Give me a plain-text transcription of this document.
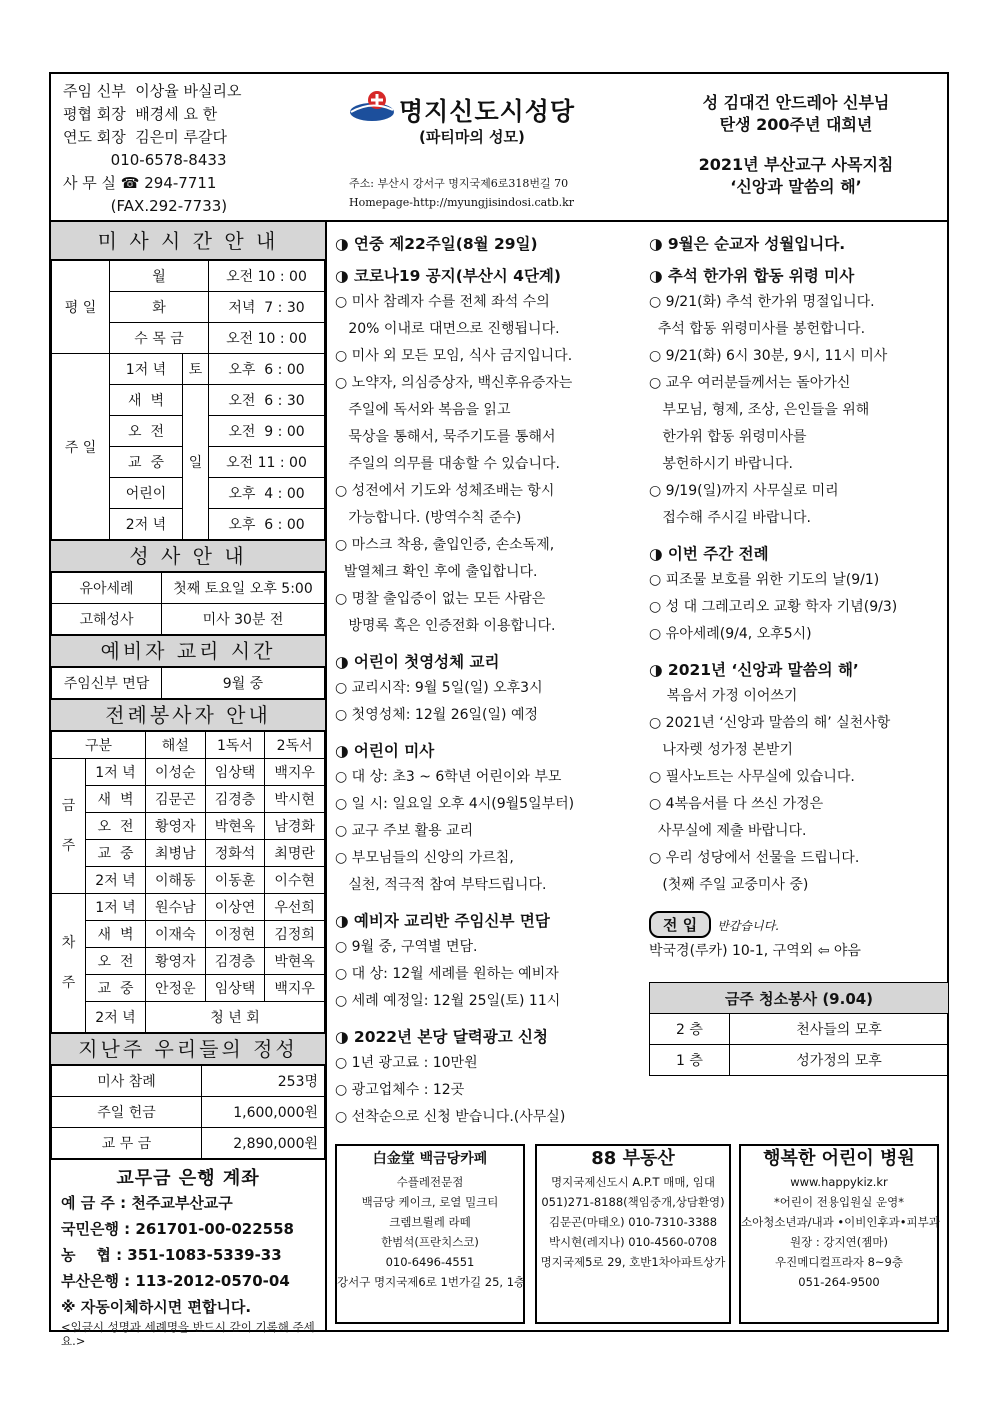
주임 신부  이상율 바실리오
평협 회장  배경세 요 한
연도 회장  김은미 루갈다
010-6578-8433
사 무 실 ☎ 294-7711
(FAX.292-7733)
명지신도시성당
(파티마의 성모)
주소: 부산시 강서구 명지국제6로318번길 70
Homepage-http://myungjisindosi.catb.kr
성 김대건 안드레아 신부님
탄생 200주년 대희년
2021년 부산교구 사목지침
‘신앙과 말씀의 해’
미 사 시 간 안 내
평 일	월		오전 10 : 00
	화		저녁  7 : 30
	수 목 금		오전 10 : 00
주 일	1저 녁	토	오후  6 : 00
	새  벽	일	오전  6 : 30
	오  전		오전  9 : 00
	교  중		오전 11 : 00
	어린이		오후  4 : 00
	2저 녁		오후  6 : 00
성 사 안 내
유아세례	첫째 토요일 오후 5:00
고해성사	미사 30분 전
예비자 교리 시간
주임신부 면담	9월 중
전례봉사자 안내
구분		해설	1독서	2독서
금

주	1저 녁	이성순	임상택	백지우
	새  벽	김문곤	김경층	박시현
	오  전	황영자	박현옥	남경화
	교  중	최병남	정화석	최명란
	2저 녁	이해동	이동훈	이수현
차

주	1저 녁	원수남	이상연	우선희
	새  벽	이재숙	이정현	김정희
	오  전	황영자	김경층	박현옥
	교  중	안정운	임상택	백지우
	2저 녁	청 년 회		
지난주 우리들의 정성
미사 참례	253명
주일 헌금	1,600,000원
교 무 금	2,890,000원
교무금 은행 계좌
예 금 주 : 천주교부산교구
국민은행 : 261701-00-022558
농    협 : 351-1083-5339-33
부산은행 : 113-2012-0570-04
※ 자동이체하시면 편합니다.
<입금시 성명과 세례명을 반드시 같이 기록해 주세요.>
◑ 연중 제22주일(8월 29일)
◑ 코로나19 공지(부산시 4단계)
○ 미사 참례자 수를 전체 좌석 수의
20% 이내로 대면으로 진행됩니다.
○ 미사 외 모든 모임, 식사 금지입니다.
○ 노약자, 의심증상자, 백신후유증자는
주일에 독서와 복음을 읽고
묵상을 통해서, 묵주기도를 통해서
주일의 의무를 대송할 수 있습니다.
○ 성전에서 기도와 성체조배는 항시
가능합니다. (방역수칙 준수)
○ 마스크 착용, 출입인증, 손소독제,
발열체크 확인 후에 출입합니다.
○ 명찰 출입증이 없는 모든 사람은
방명록 혹은 인증전화 이용합니다.
◑ 어린이 첫영성체 교리
○ 교리시작: 9월 5일(일) 오후3시
○ 첫영성체: 12월 26일(일) 예정
◑ 어린이 미사
○ 대 상: 초3 ~ 6학년 어린이와 부모
○ 일 시: 일요일 오후 4시(9월5일부터)
○ 교구 주보 활용 교리
○ 부모님들의 신앙의 가르침,
실천, 적극적 참여 부탁드립니다.
◑ 예비자 교리반 주임신부 면담
○ 9월 중, 구역별 면담.
○ 대 상: 12월 세례를 원하는 예비자
○ 세례 예정일: 12월 25일(토) 11시
◑ 2022년 본당 달력광고 신청
○ 1년 광고료 : 10만원
○ 광고업체수 : 12곳
○ 선착순으로 신청 받습니다.(사무실)
◑ 9월은 순교자 성월입니다.
◑ 추석 한가위 합동 위령 미사
○ 9/21(화) 추석 한가위 명절입니다.
추석 합동 위령미사를 봉헌합니다.
○ 9/21(화) 6시 30분, 9시, 11시 미사
○ 교우 여러분들께서는 돌아가신
부모님, 형제, 조상, 은인들을 위해
한가위 합동 위령미사를
봉헌하시기 바랍니다.
○ 9/19(일)까지 사무실로 미리
접수해 주시길 바랍니다.
◑ 이번 주간 전례
○ 피조물 보호를 위한 기도의 날(9/1)
○ 성 대 그레고리오 교황 학자 기념(9/3)
○ 유아세례(9/4, 오후5시)
◑ 2021년 ‘신앙과 말씀의 해’
복음서 가정 이어쓰기
○ 2021년 ‘신앙과 말씀의 해’ 실천사항
나자렛 성가정 본받기
○ 필사노트는 사무실에 있습니다.
○ 4복음서를 다 쓰신 가정은
사무실에 제출 바랍니다.
○ 우리 성당에서 선물을 드립니다.
(첫째 주일 교중미사 중)
전 입 반갑습니다.
박국경(루카) 10-1, 구역외 ⇦ 야음
금주 청소봉사 (9.04)	
2 층	천사들의 모후
1 층	성가정의 모후
白金堂 백금당카페
수플레전문점
백금당 케이크, 로열 밀크티
크렘브륄레 라떼
한범석(프란치스코)
010-6496-4551
강서구 명지국제6로 1번가길 25, 1층
88 부동산
명지국제신도시 A.P.T 매매, 임대
051)271-8188(책임중개,상담환영)
김문곤(마태오) 010-7310-3388
박시현(레지나) 010-4560-0708
명지국제5로 29, 호반1차아파트상가
행복한 어린이 병원
www.happykiz.kr
*어린이 전용입원실 운영*
소아청소년과/내과 •이비인후과•피부과
원장 : 강지연(젬마)
우진메디컬프라자 8~9층
051-264-9500
